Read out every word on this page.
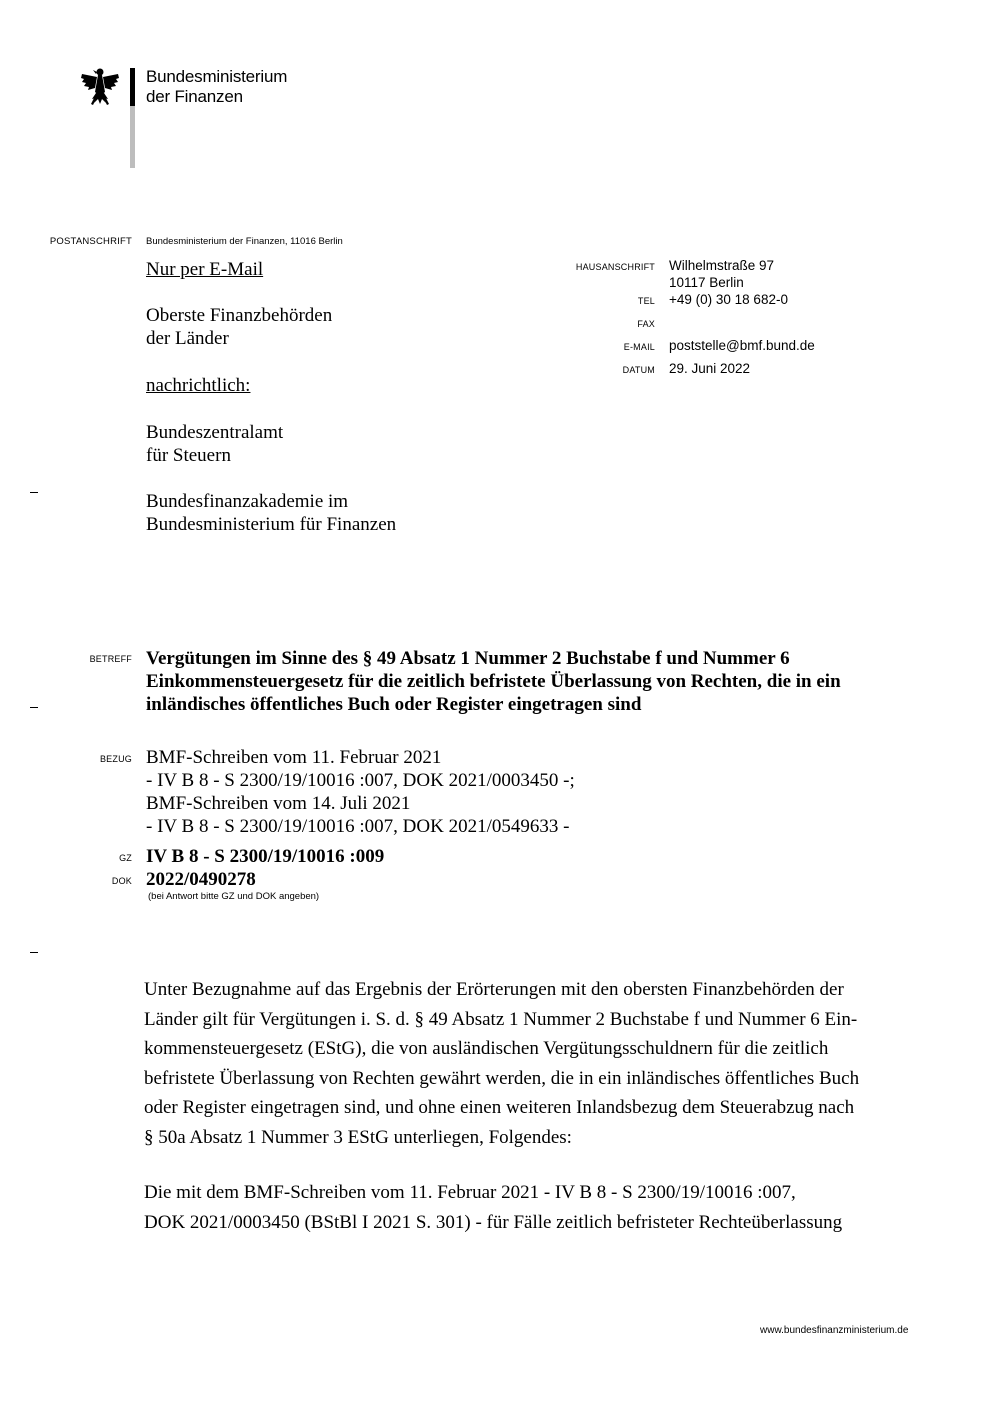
Bundesministerium
der Finanzen
POSTANSCHRIFT Bundesministerium der Finanzen, 11016 Berlin
Nur per E-Mail
Oberste Finanzbehörden
der Länder
nachrichtlich:
Bundeszentralamt
für Steuern
Bundesfinanzakademie im
Bundesministerium für Finanzen
HAUSANSCHRIFT Wilhelmstraße 97
10117 Berlin
TEL +49 (0) 30 18 682-0
FAX
E-MAIL poststelle@bmf.bund.de
DATUM 29. Juni 2022
BETREFF Vergütungen im Sinne des § 49 Absatz 1 Nummer 2 Buchstabe f und Nummer 6
Einkommensteuergesetz für die zeitlich befristete Überlassung von Rechten, die in ein
inländisches öffentliches Buch oder Register eingetragen sind
BEZUG BMF-Schreiben vom 11. Februar 2021
- IV B 8 - S 2300/19/10016 :007, DOK 2021/0003450 -;
BMF-Schreiben vom 14. Juli 2021
- IV B 8 - S 2300/19/10016 :007, DOK 2021/0549633 -
GZ IV B 8 - S 2300/19/10016 :009
DOK 2022/0490278
(bei Antwort bitte GZ und DOK angeben)
Unter Bezugnahme auf das Ergebnis der Erörterungen mit den obersten Finanzbehörden der
Länder gilt für Vergütungen i. S. d. § 49 Absatz 1 Nummer 2 Buchstabe f und Nummer 6 Ein-
kommensteuergesetz (EStG), die von ausländischen Vergütungsschuldnern für die zeitlich
befristete Überlassung von Rechten gewährt werden, die in ein inländisches öffentliches Buch
oder Register eingetragen sind, und ohne einen weiteren Inlandsbezug dem Steuerabzug nach
§ 50a Absatz 1 Nummer 3 EStG unterliegen, Folgendes:
Die mit dem BMF-Schreiben vom 11. Februar 2021 - IV B 8 - S 2300/19/10016 :007,
DOK 2021/0003450 (BStBl I 2021 S. 301) - für Fälle zeitlich befristeter Rechteüberlassung
www.bundesfinanzministerium.de
